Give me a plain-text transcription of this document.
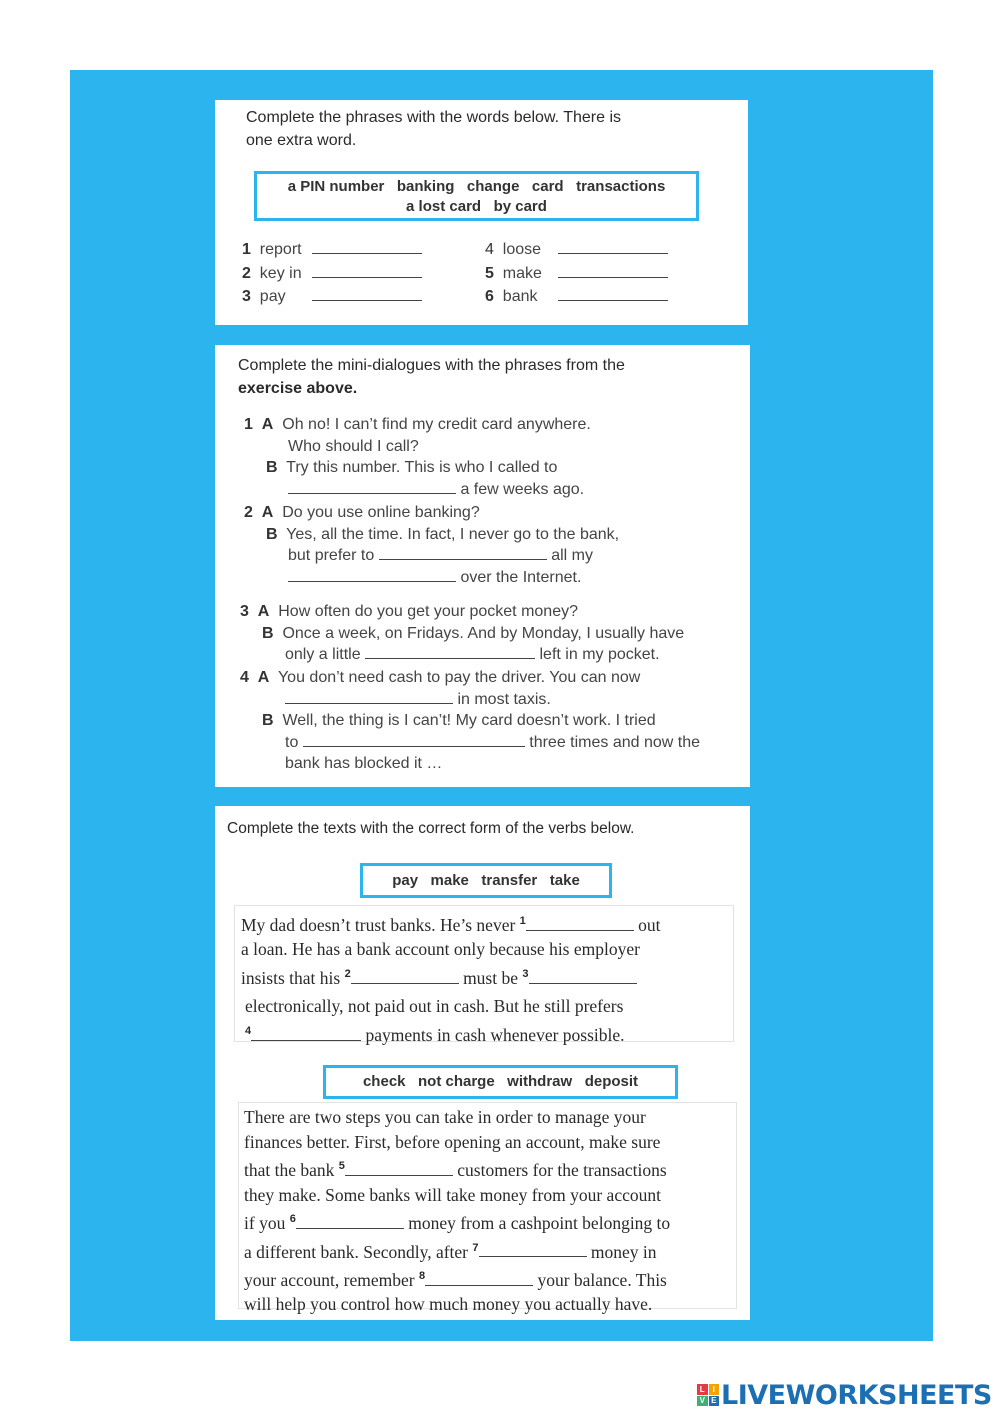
Complete the phrases with the words below. There is
one extra word.
a PIN number   banking   change   card   transactions
a lost card   by card
1 report
2 key in
3 pay
4 loose
5 make
6 bank
Complete the mini-dialogues with the phrases from the
exercise above.
1 A Oh no! I can’t find my credit card anywhere.
Who should I call?
B Try this number. This is who I called to
a few weeks ago.
2 A Do you use online banking?
B Yes, all the time. In fact, I never go to the bank,
but prefer to	all my
over the Internet.
3 A How often do you get your pocket money?
B Once a week, on Fridays. And by Monday, I usually have
only a little	left in my pocket.
4 A You don’t need cash to pay the driver. You can now
in most taxis.
B Well, the thing is I can’t! My card doesn’t work. I tried
to	three times and now the
bank has blocked it …
Complete the texts with the correct form of the verbs below.
pay   make   transfer   take
My dad doesn’t trust banks. He’s never $^1$	out
a loan. He has a bank account only because his employer
insists that his $^2$	must be $^3$
electronically, not paid out in cash. But he still prefers
$^4$	payments in cash whenever possible.
check   not charge   withdraw   deposit
There are two steps you can take in order to manage your
finances better. First, before opening an account, make sure
that the bank $^5$	customers for the transactions
they make. Some banks will take money from your account
if you $^6$	money from a cashpoint belonging to
a different bank. Secondly, after $^7$	money in
your account, remember $^8$	your balance. This
will help you control how much money you actually have.
L I
V E LIVEWORKSHEETS
